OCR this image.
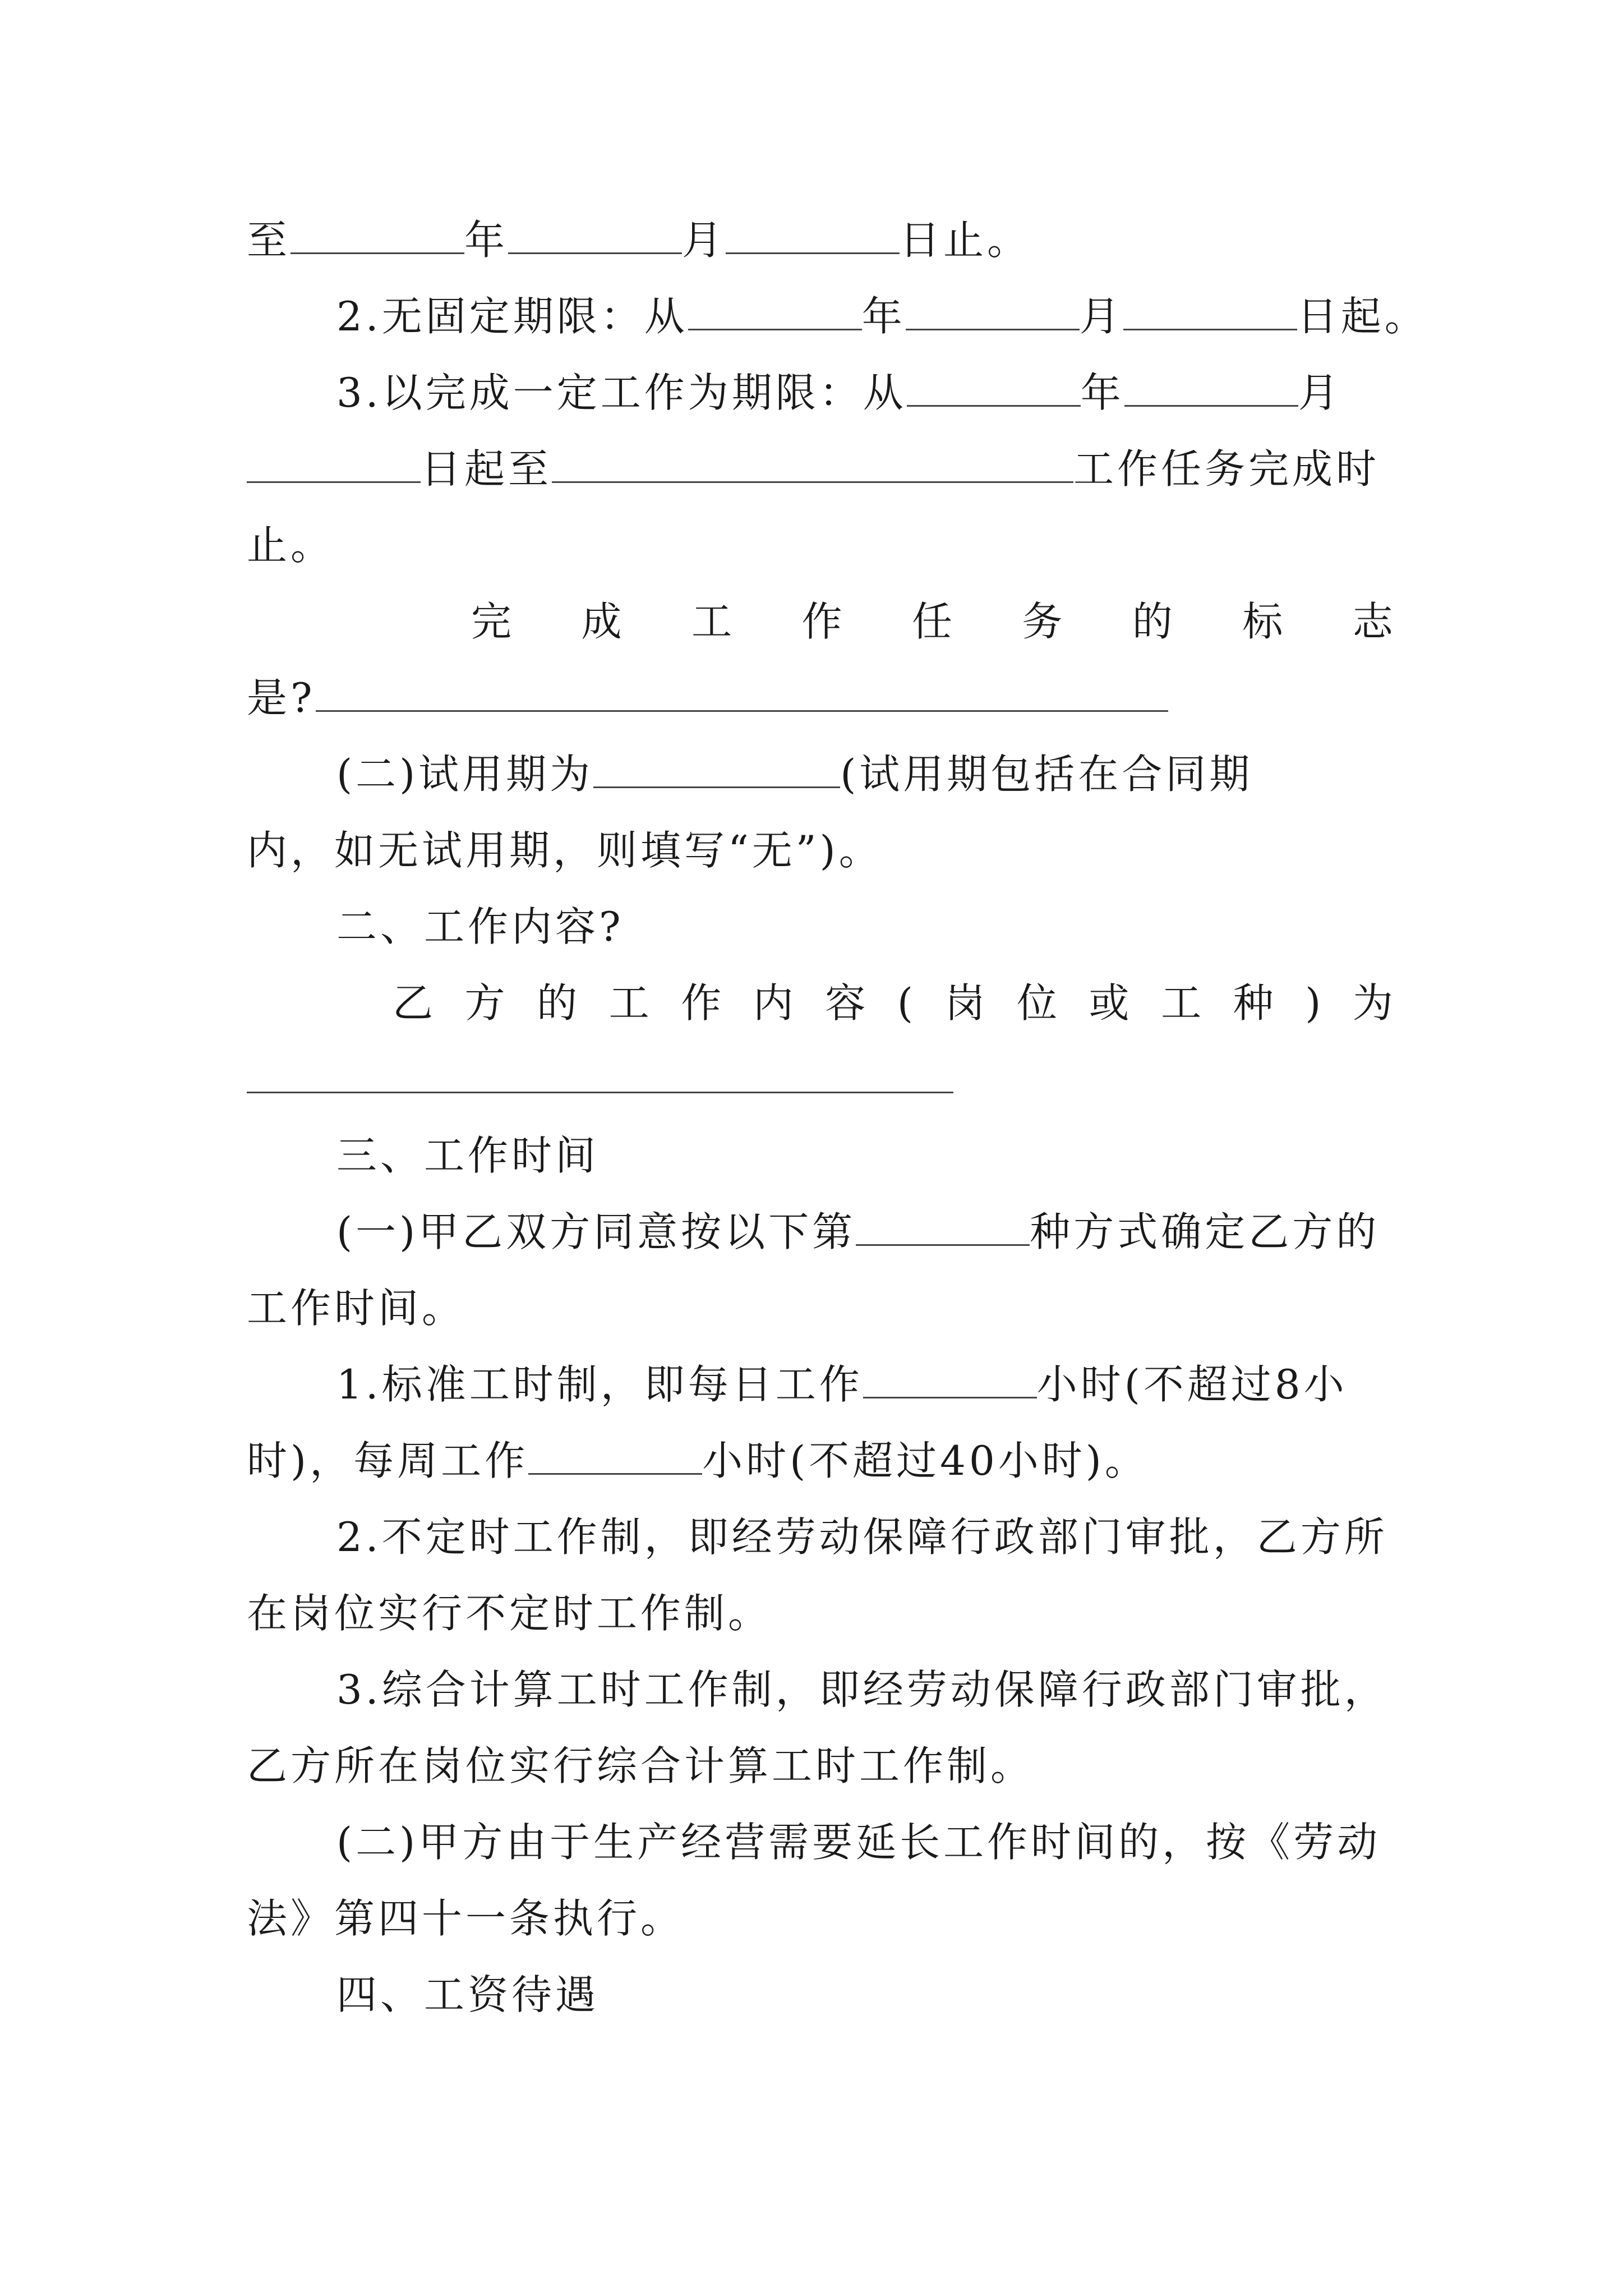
至	年	月	日止。
2.无固定期限：从	年	月	日起。
3.以完成一定工作为期限：从	年	月
日起至	工作任务完成时
止。
完 成 工 作 任 务 的 标 志
是?
(二)试用期为	(试用期包括在合同期
内，如无试用期，则填写“无”)。
二、工作内容?
乙 方 的 工 作 内 容 ( 岗 位 或 工 种 ) 为
三、工作时间
(一)甲乙双方同意按以下第	种方式确定乙方的
工作时间。
1.标准工时制，即每日工作	小时(不超过8小
时)，每周工作	小时(不超过40小时)。
2.不定时工作制，即经劳动保障行政部门审批，乙方所
在岗位实行不定时工作制。
3.综合计算工时工作制，即经劳动保障行政部门审批，
乙方所在岗位实行综合计算工时工作制。
(二)甲方由于生产经营需要延长工作时间的，按《劳动
法》第四十一条执行。
四、工资待遇
